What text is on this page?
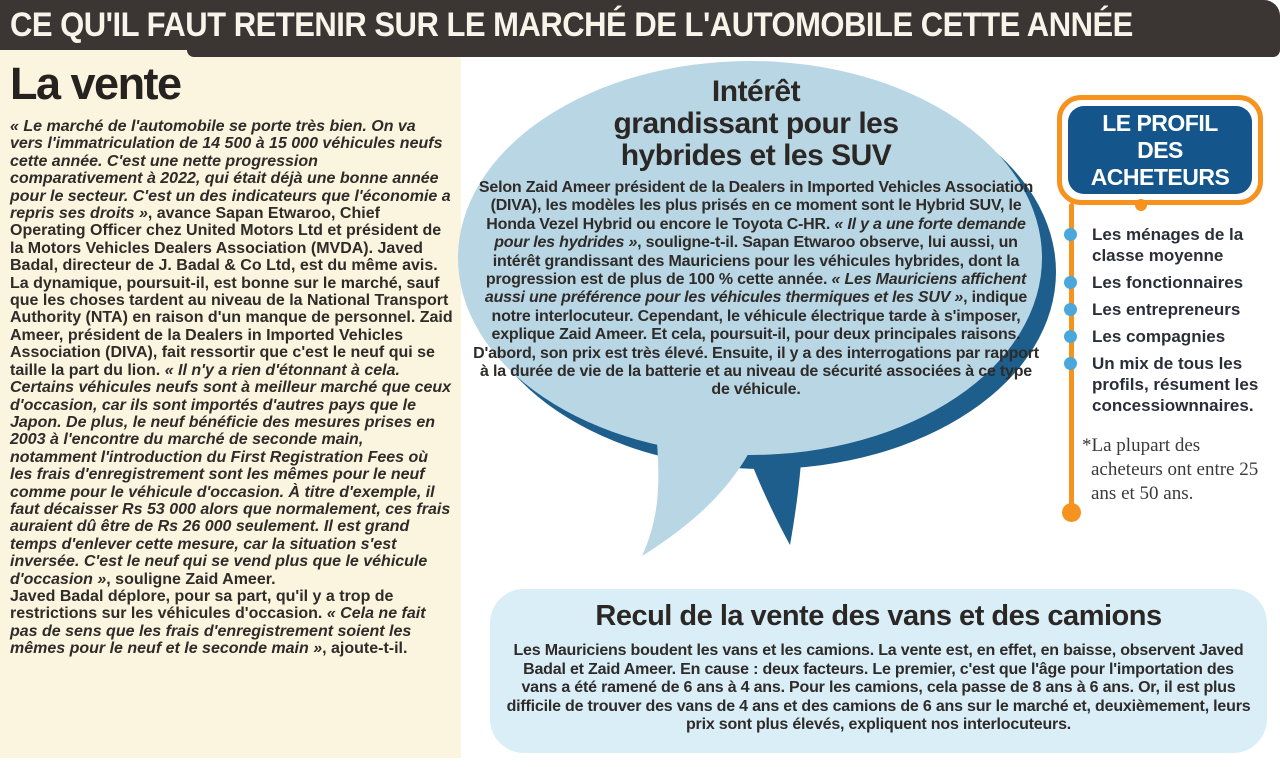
CE QU'IL FAUT RETENIR SUR LE MARCHÉ DE L'AUTOMOBILE CETTE ANNÉE
La vente

« Le marché de l'automobile se porte très bien. On va vers l'immatriculation de 14 500 à 15 000 véhicules neufs cette année. C'est une nette progression comparativement à 2022, qui était déjà une bonne année pour le secteur. C'est un des indicateurs que l'économie a repris ses droits », avance Sapan Etwaroo, Chief Operating Officer chez United Motors Ltd et président de la Motors Vehicles Dealers Association (MVDA). Javed Badal, directeur de J. Badal & Co Ltd, est du même avis. La dynamique, poursuit-il, est bonne sur le marché, sauf que les choses tardent au niveau de la National Transport Authority (NTA) en raison d'un manque de personnel. Zaid Ameer, président de la Dealers in Imported Vehicles Association (DIVA), fait ressortir que c'est le neuf qui se taille la part du lion. « Il n'y a rien d'étonnant à cela. Certains véhicules neufs sont à meilleur marché que ceux d'occasion, car ils sont importés d'autres pays que le Japon. De plus, le neuf bénéficie des mesures prises en 2003 à l'encontre du marché de seconde main, notamment l'introduction du First Registration Fees où les frais d'enregistrement sont les mêmes pour le neuf comme pour le véhicule d'occasion. À titre d'exemple, il faut décaisser Rs 53 000 alors que normalement, ces frais auraient dû être de Rs 26 000 seulement. Il est grand temps d'enlever cette mesure, car la situation s'est inversée. C'est le neuf qui se vend plus que le véhicule d'occasion », souligne Zaid Ameer.

Javed Badal déplore, pour sa part, qu'il y a trop de restrictions sur les véhicules d'occasion. « Cela ne fait pas de sens que les frais d'enregistrement soient les mêmes pour le neuf et le seconde main », ajoute-t-il.

Intérêt
grandissant pour les
hybrides et les SUV

Selon Zaid Ameer président de la Dealers in Imported Vehicles Association (DIVA), les modèles les plus prisés en ce moment sont le Hybrid SUV, le Honda Vezel Hybrid ou encore le Toyota C-HR. « Il y a une forte demande pour les hydrides », souligne-t-il. Sapan Etwaroo observe, lui aussi, un intérêt grandissant des Mauriciens pour les véhicules hybrides, dont la progression est de plus de 100 % cette année. « Les Mauriciens affichent aussi une préférence pour les véhicules thermiques et les SUV », indique notre interlocuteur. Cependant, le véhicule électrique tarde à s'imposer, explique Zaid Ameer. Et cela, poursuit-il, pour deux principales raisons. D'abord, son prix est très élevé. Ensuite, il y a des interrogations par rapport à la durée de vie de la batterie et au niveau de sécurité associées à ce type de véhicule.

LE PROFIL
DES
ACHETEURS
Les ménages de la classe moyenne
Les fonctionnaires
Les entrepreneurs
Les compagnies
Un mix de tous les profils, résument les concessiownnaires.

*La plupart des acheteurs ont entre 25 ans et 50 ans.

Recul de la vente des vans et des camions

Les Mauriciens boudent les vans et les camions. La vente est, en effet, en baisse, observent Javed Badal et Zaid Ameer. En cause : deux facteurs. Le premier, c'est que l'âge pour l'importation des vans a été ramené de 6 ans à 4 ans. Pour les camions, cela passe de 8 ans à 6 ans. Or, il est plus difficile de trouver des vans de 4 ans et des camions de 6 ans sur le marché et, deuxièmement, leurs prix sont plus élevés, expliquent nos interlocuteurs.
